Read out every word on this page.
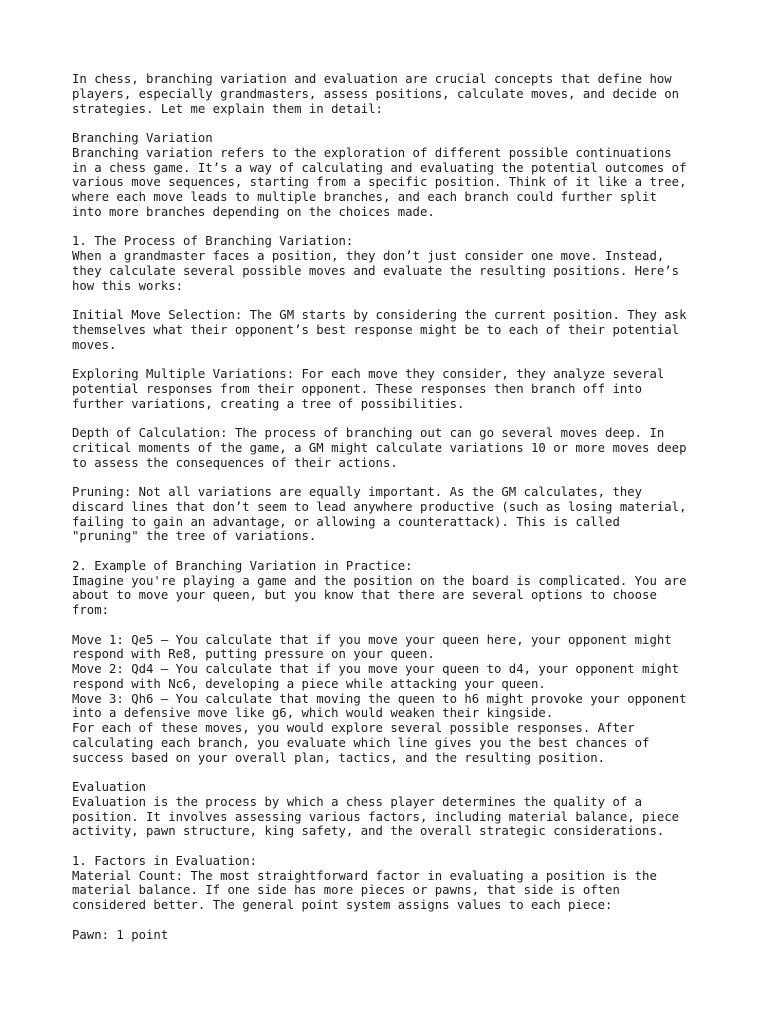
In chess, branching variation and evaluation are crucial concepts that define how
players, especially grandmasters, assess positions, calculate moves, and decide on
strategies. Let me explain them in detail:
Branching Variation
Branching variation refers to the exploration of different possible continuations
in a chess game. It’s a way of calculating and evaluating the potential outcomes of
various move sequences, starting from a specific position. Think of it like a tree,
where each move leads to multiple branches, and each branch could further split
into more branches depending on the choices made.
1. The Process of Branching Variation:
When a grandmaster faces a position, they don’t just consider one move. Instead,
they calculate several possible moves and evaluate the resulting positions. Here’s
how this works:
Initial Move Selection: The GM starts by considering the current position. They ask
themselves what their opponent’s best response might be to each of their potential
moves.
Exploring Multiple Variations: For each move they consider, they analyze several
potential responses from their opponent. These responses then branch off into
further variations, creating a tree of possibilities.
Depth of Calculation: The process of branching out can go several moves deep. In
critical moments of the game, a GM might calculate variations 10 or more moves deep
to assess the consequences of their actions.
Pruning: Not all variations are equally important. As the GM calculates, they
discard lines that don’t seem to lead anywhere productive (such as losing material,
failing to gain an advantage, or allowing a counterattack). This is called
"pruning" the tree of variations.
2. Example of Branching Variation in Practice:
Imagine you're playing a game and the position on the board is complicated. You are
about to move your queen, but you know that there are several options to choose
from:
Move 1: Qe5 – You calculate that if you move your queen here, your opponent might
respond with Re8, putting pressure on your queen.
Move 2: Qd4 – You calculate that if you move your queen to d4, your opponent might
respond with Nc6, developing a piece while attacking your queen.
Move 3: Qh6 – You calculate that moving the queen to h6 might provoke your opponent
into a defensive move like g6, which would weaken their kingside.
For each of these moves, you would explore several possible responses. After
calculating each branch, you evaluate which line gives you the best chances of
success based on your overall plan, tactics, and the resulting position.
Evaluation
Evaluation is the process by which a chess player determines the quality of a
position. It involves assessing various factors, including material balance, piece
activity, pawn structure, king safety, and the overall strategic considerations.
1. Factors in Evaluation:
Material Count: The most straightforward factor in evaluating a position is the
material balance. If one side has more pieces or pawns, that side is often
considered better. The general point system assigns values to each piece:
Pawn: 1 point
